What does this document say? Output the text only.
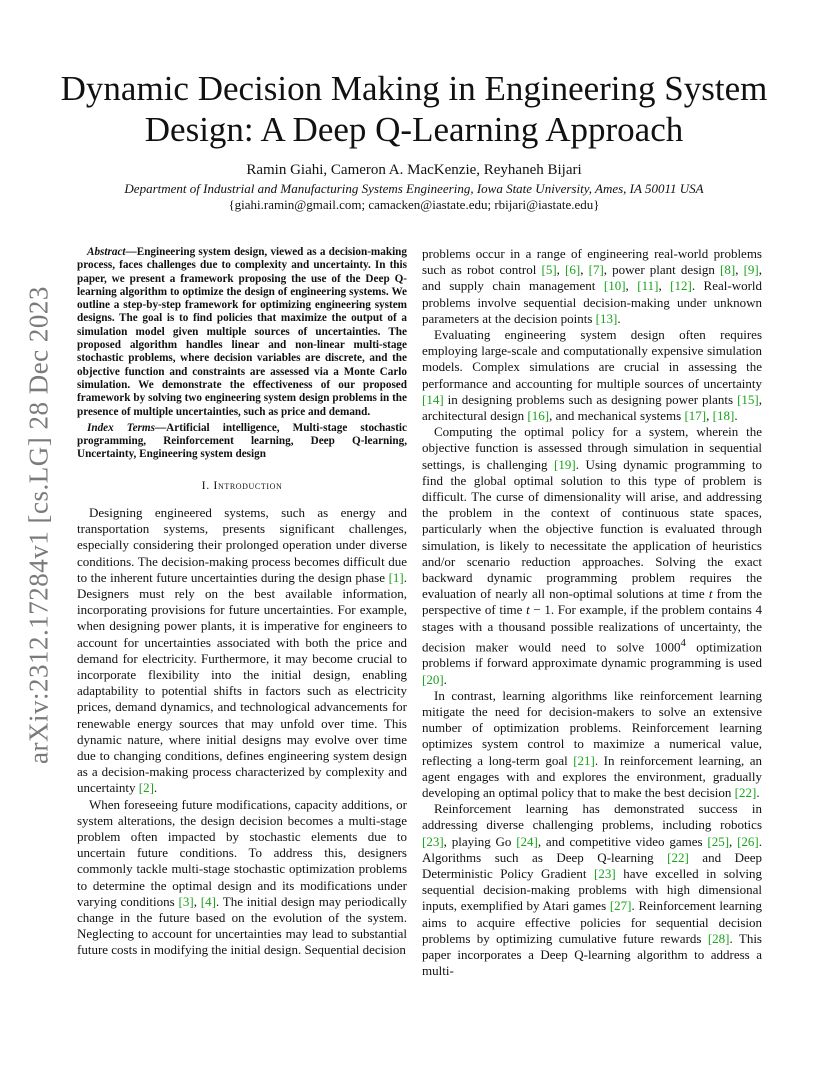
arXiv:2312.17284v1 [cs.LG] 28 Dec 2023
Dynamic Decision Making in Engineering System
Design: A Deep Q-Learning Approach
Ramin Giahi, Cameron A. MacKenzie, Reyhaneh Bijari
Department of Industrial and Manufacturing Systems Engineering, Iowa State University, Ames, IA 50011 USA
{giahi.ramin@gmail.com; camacken@iastate.edu; rbijari@iastate.edu}

Abstract—Engineering system design, viewed as a decision-making process, faces challenges due to complexity and uncertainty. In this paper, we present a framework proposing the use of the Deep Q-learning algorithm to optimize the design of engineering systems. We outline a step-by-step framework for optimizing engineering system designs. The goal is to find policies that maximize the output of a simulation model given multiple sources of uncertainties. The proposed algorithm handles linear and non-linear multi-stage stochastic problems, where decision variables are discrete, and the objective function and constraints are assessed via a Monte Carlo simulation. We demonstrate the effectiveness of our proposed framework by solving two engineering system design problems in the presence of multiple uncertainties, such as price and demand.

Index Terms—Artificial intelligence, Multi-stage stochastic programming, Reinforcement learning, Deep Q-learning, Uncertainty, Engineering system design

I. Introduction

Designing engineered systems, such as energy and transportation systems, presents significant challenges, especially considering their prolonged operation under diverse conditions. The decision-making process becomes difficult due to the inherent future uncertainties during the design phase [1]. Designers must rely on the best available information, incorporating provisions for future uncertainties. For example, when designing power plants, it is imperative for engineers to account for uncertainties associated with both the price and demand for electricity. Furthermore, it may become crucial to incorporate flexibility into the initial design, enabling adaptability to potential shifts in factors such as electricity prices, demand dynamics, and technological advancements for renewable energy sources that may unfold over time. This dynamic nature, where initial designs may evolve over time due to changing conditions, defines engineering system design as a decision-making process characterized by complexity and uncertainty [2].

When foreseeing future modifications, capacity additions, or system alterations, the design decision becomes a multi-stage problem often impacted by stochastic elements due to uncertain future conditions. To address this, designers commonly tackle multi-stage stochastic optimization problems to determine the optimal design and its modifications under varying conditions [3], [4]. The initial design may periodically change in the future based on the evolution of the system. Neglecting to account for uncertainties may lead to substantial future costs in modifying the initial design. Sequential decision

problems occur in a range of engineering real-world problems such as robot control [5], [6], [7], power plant design [8], [9], and supply chain management [10], [11], [12]. Real-world problems involve sequential decision-making under unknown parameters at the decision points [13].

Evaluating engineering system design often requires employing large-scale and computationally expensive simulation models. Complex simulations are crucial in assessing the performance and accounting for multiple sources of uncertainty [14] in designing problems such as designing power plants [15], architectural design [16], and mechanical systems [17], [18].

Computing the optimal policy for a system, wherein the objective function is assessed through simulation in sequential settings, is challenging [19]. Using dynamic programming to find the global optimal solution to this type of problem is difficult. The curse of dimensionality will arise, and addressing the problem in the context of continuous state spaces, particularly when the objective function is evaluated through simulation, is likely to necessitate the application of heuristics and/or scenario reduction approaches. Solving the exact backward dynamic programming problem requires the evaluation of nearly all non-optimal solutions at time t from the perspective of time t − 1. For example, if the problem contains 4 stages with a thousand possible realizations of uncertainty, the decision maker would need to solve 1000$^4$ optimization problems if forward approximate dynamic programming is used [20].

In contrast, learning algorithms like reinforcement learning mitigate the need for decision-makers to solve an extensive number of optimization problems. Reinforcement learning optimizes system control to maximize a numerical value, reflecting a long-term goal [21]. In reinforcement learning, an agent engages with and explores the environment, gradually developing an optimal policy that to make the best decision [22].

Reinforcement learning has demonstrated success in addressing diverse challenging problems, including robotics [23], playing Go [24], and competitive video games [25], [26]. Algorithms such as Deep Q-learning [22] and Deep Deterministic Policy Gradient [23] have excelled in solving sequential decision-making problems with high dimensional inputs, exemplified by Atari games [27]. Reinforcement learning aims to acquire effective policies for sequential decision problems by optimizing cumulative future rewards [28]. This paper incorporates a Deep Q-learning algorithm to address a multi-
